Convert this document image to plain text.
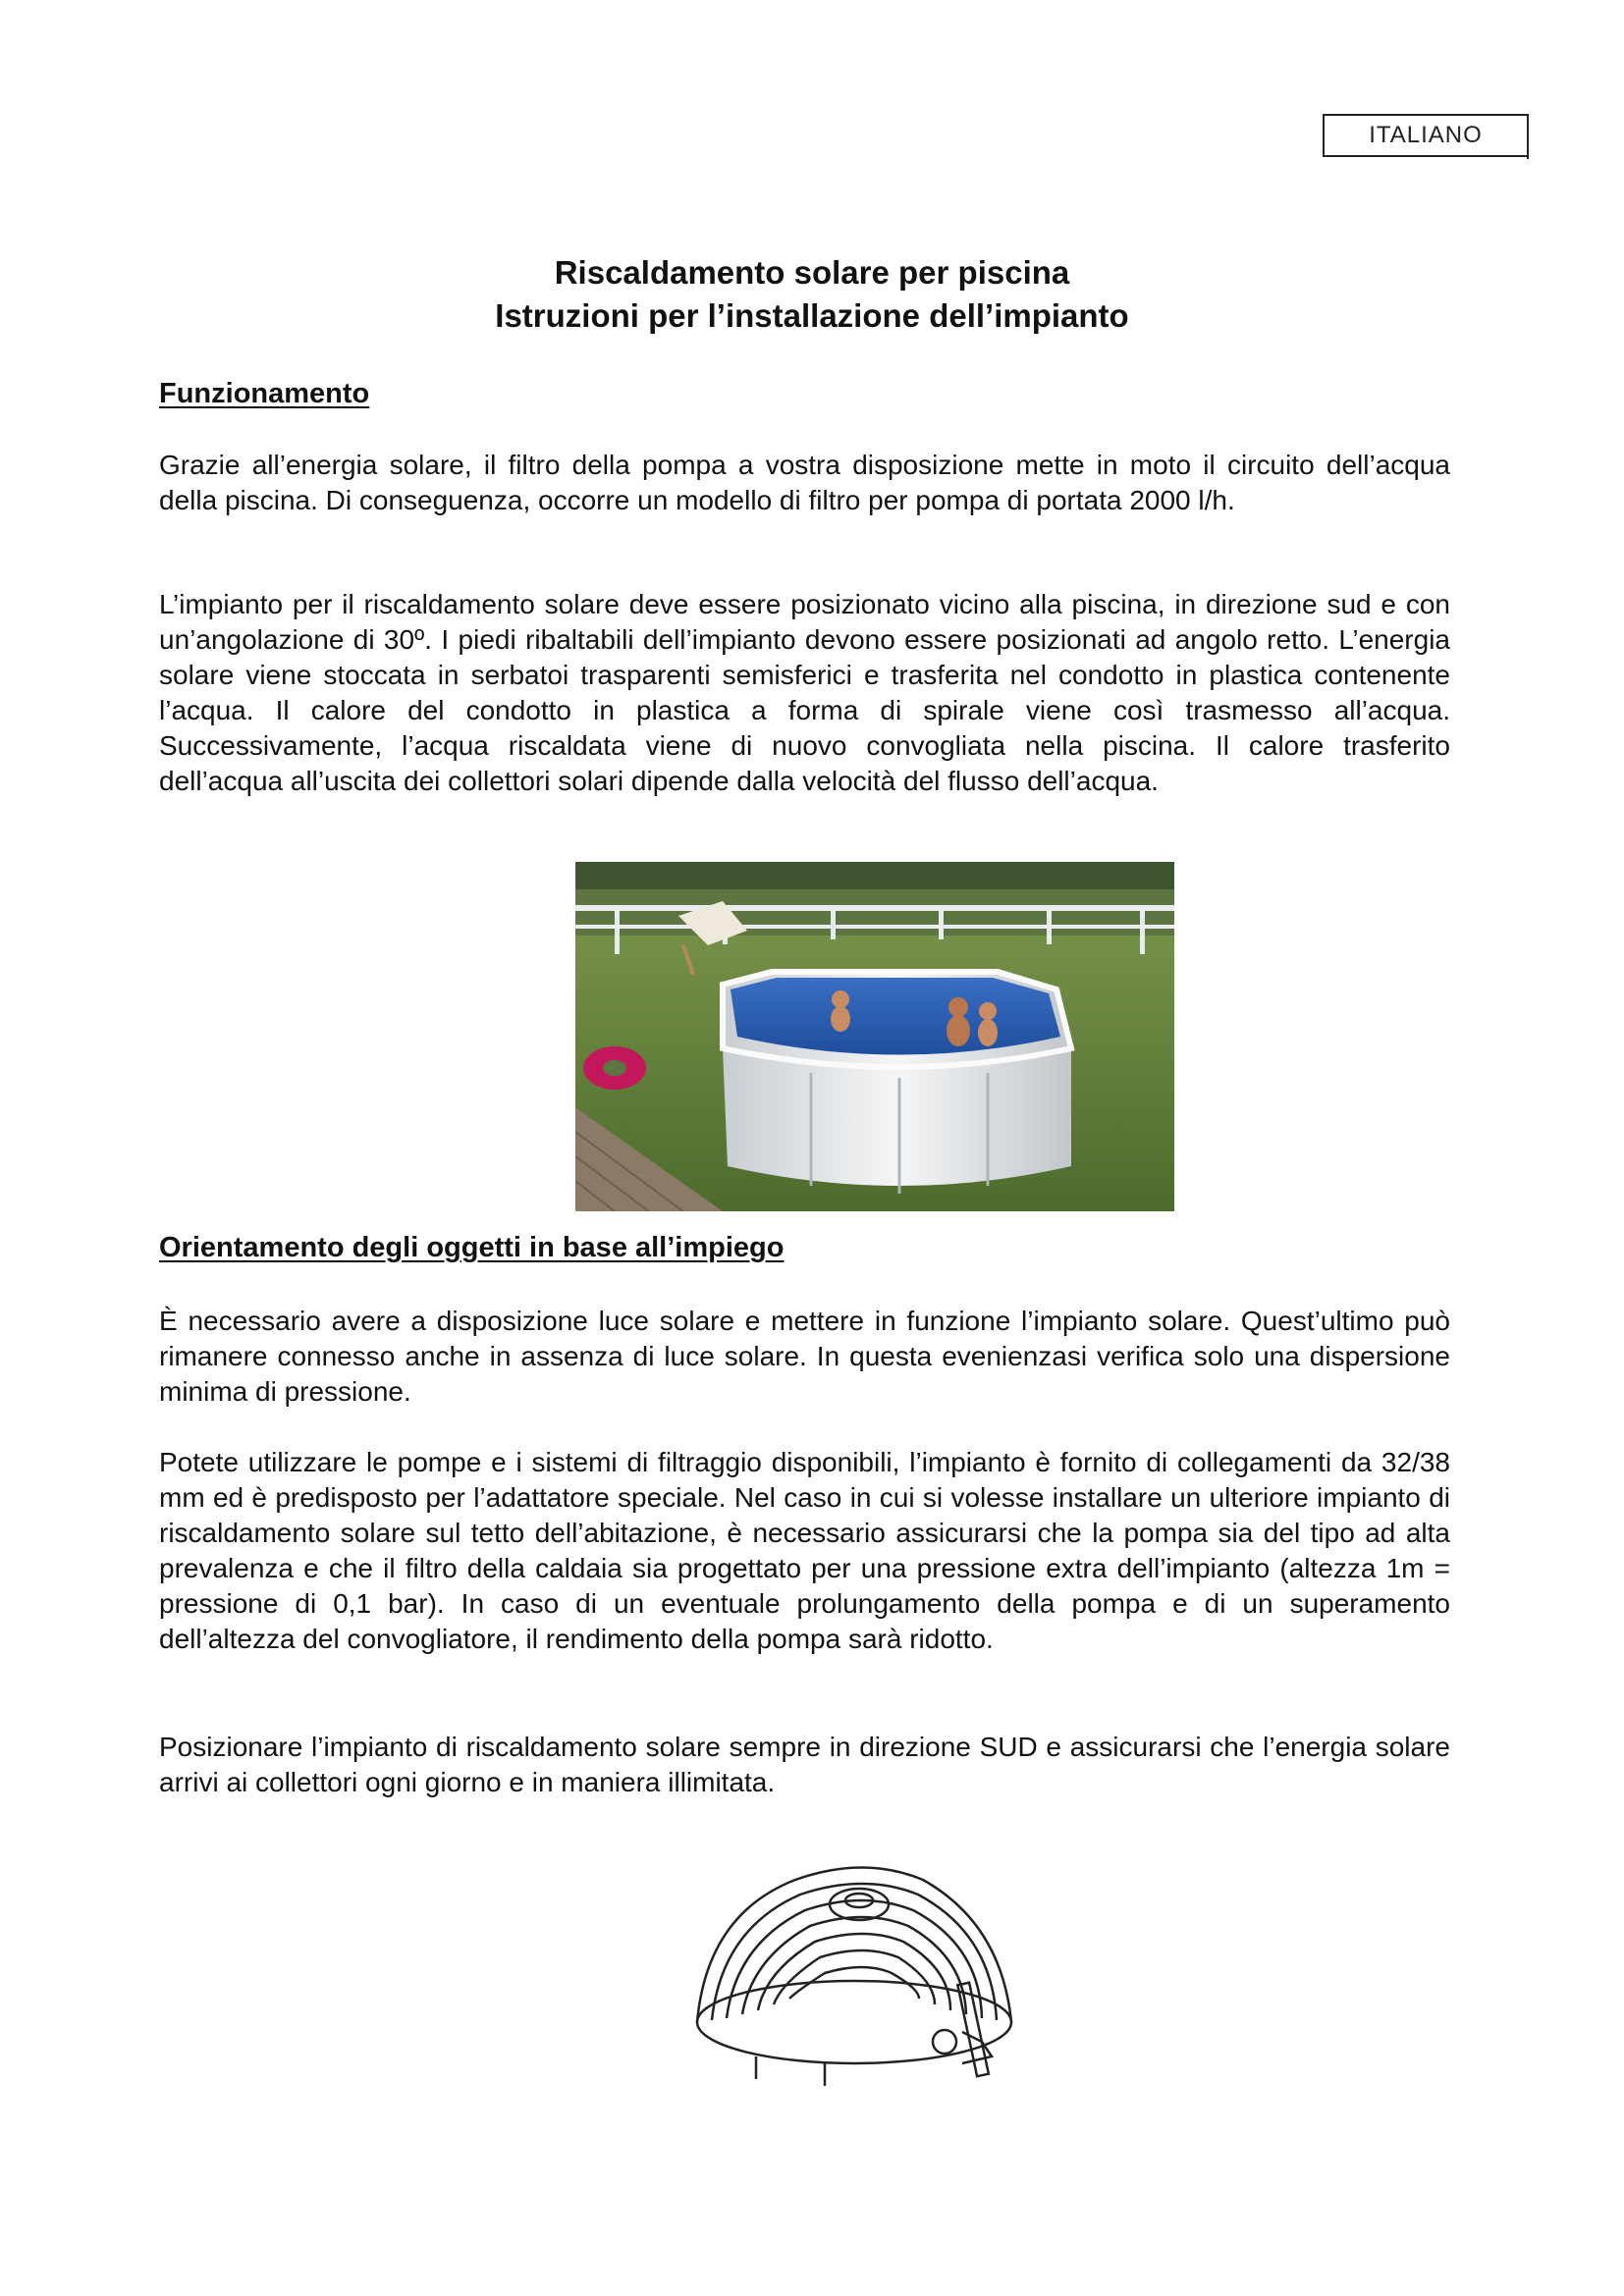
ITALIANO
Riscaldamento solare per piscina
Istruzioni per l’installazione dell’impianto
Funzionamento

Grazie all’energia solare, il filtro della pompa a vostra disposizione mette in moto il circuito dell’acqua della piscina. Di conseguenza, occorre un modello di filtro per pompa di portata 2000 l/h.

L’impianto per il riscaldamento solare deve essere posizionato vicino alla piscina, in direzione sud e con un’angolazione di 30º. I piedi ribaltabili dell’impianto devono essere posizionati ad angolo retto. L’energia solare viene stoccata in serbatoi trasparenti semisferici e trasferita nel condotto in plastica contenente l’acqua. Il calore del condotto in plastica a forma di spirale viene così trasmesso all’acqua. Successivamente, l’acqua riscaldata viene di nuovo convogliata nella piscina. Il calore trasferito dell’acqua all’uscita dei collettori solari dipende dalla velocità del flusso dell’acqua.

Orientamento degli oggetti in base all’impiego

È necessario avere a disposizione luce solare e mettere in funzione l’impianto solare. Quest’ultimo può rimanere connesso anche in assenza di luce solare. In questa evenienzasi verifica solo una dispersione minima di pressione.

Potete utilizzare le pompe e i sistemi di filtraggio disponibili, l’impianto è fornito di collegamenti da 32/38 mm ed è predisposto per l’adattatore speciale. Nel caso in cui si volesse installare un ulteriore impianto di riscaldamento solare sul tetto dell’abitazione, è necessario assicurarsi che la pompa sia del tipo ad alta prevalenza e che il filtro della caldaia sia progettato per una pressione extra dell’impianto (altezza 1m = pressione di 0,1 bar). In caso di un eventuale prolungamento della pompa e di un superamento dell’altezza del convogliatore, il rendimento della pompa sarà ridotto.

Posizionare l’impianto di riscaldamento solare sempre in direzione SUD e assicurarsi che l’energia solare arrivi ai collettori ogni giorno e in maniera illimitata.
